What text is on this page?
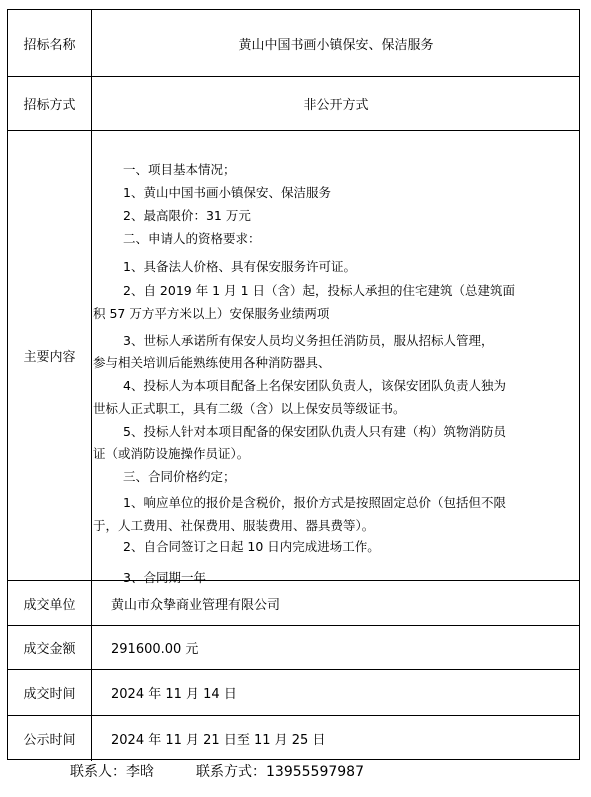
招标名称	黄山中国书画小镇保安、保洁服务
招标方式	非公开方式
主要内容
一、项目基本情况；
1、黄山中国书画小镇保安、保洁服务
2、最高限价：31 万元
二、申请人的资格要求：
1、具备法人价格、具有保安服务许可证。
2、自 2019 年 1 月 1 日（含）起，投标人承担的住宅建筑（总建筑面
积 57 万方平方米以上）安保服务业绩两项
3、世标人承诺所有保安人员均义务担任消防员，服从招标人管理，
参与相关培训后能熟练使用各种消防器具、
4、投标人为本项目配备上名保安团队负责人，该保安团队负责人独为
世标人正式职工，具有二级（含）以上保安员等级证书。
5、投标人针对本项目配备的保安团队仇责人只有建（构）筑物消防员
证（或消防设施操作员证）。
三、合同价格约定；
1、响应单位的报价是含税价，报价方式是按照固定总价（包括但不限
于，人工费用、社保费用、服装费用、器具费等）。
2、自合同签订之日起 10 日内完成进场工作。
3、合同期一年
成交单位	黄山市众挚商业管理有限公司
成交金额	291600.00 元
成交时间	2024 年 11 月 14 日
公示时间	2024 年 11 月 21 日至 11 月 25 日
联系人：李晗	联系方式：13955597987
